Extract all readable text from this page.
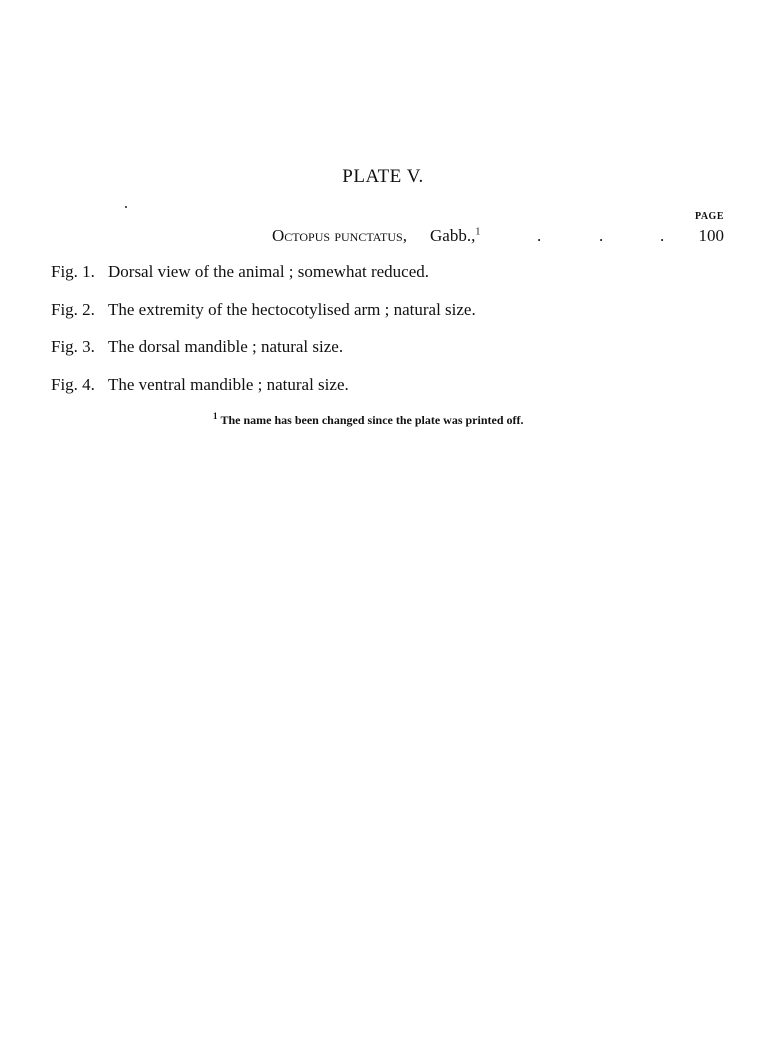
PLATE V.
PAGE
Octopus punctatus, Gabb.,$^1$	.	.	. 100
Fig. 1. Dorsal view of the animal ; somewhat reduced.
Fig. 2. The extremity of the hectocotylised arm ; natural size.
Fig. 3. The dorsal mandible ; natural size.
Fig. 4. The ventral mandible ; natural size.
$^1$ The name has been changed since the plate was printed off.
